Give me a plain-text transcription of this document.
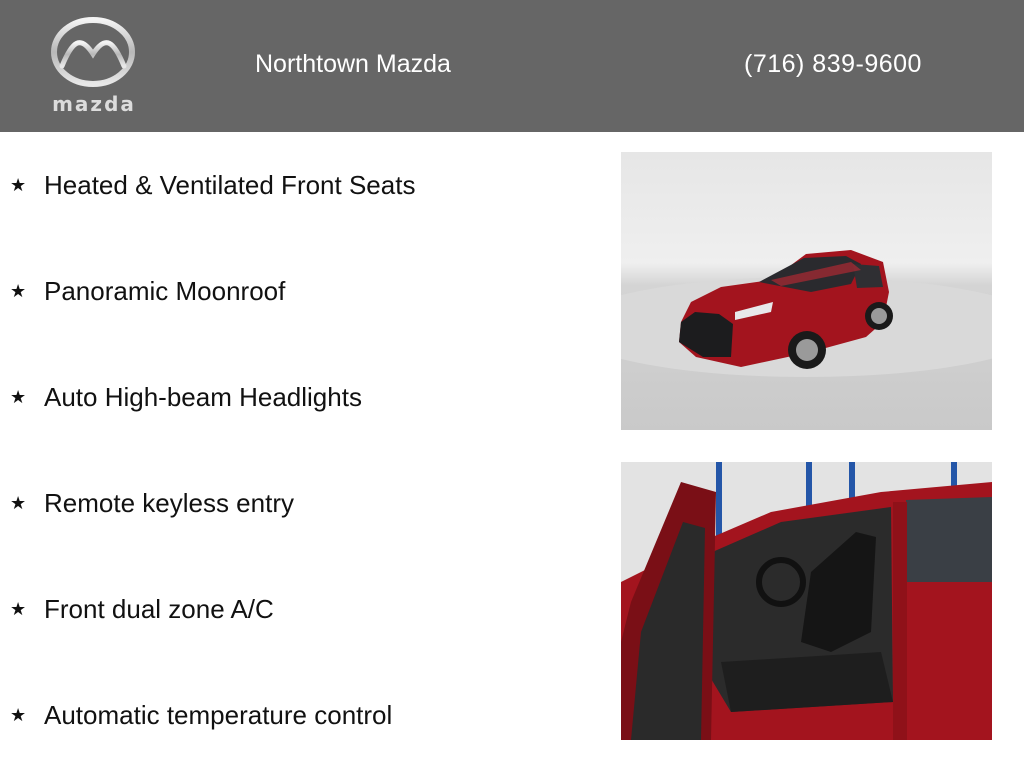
mazda
Northtown Mazda	(716) 839-9600
★ Heated & Ventilated Front Seats
★ Panoramic Moonroof
★ Auto High-beam Headlights
★ Remote keyless entry
★ Front dual zone A/C
★ Automatic temperature control
